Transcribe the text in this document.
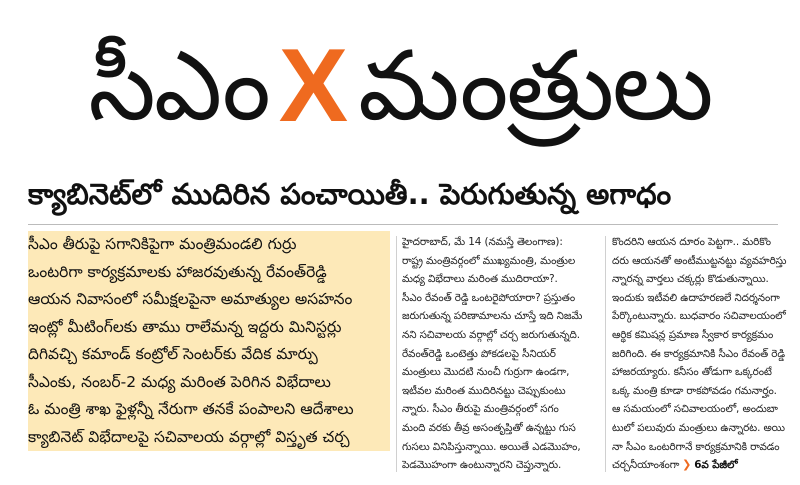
సీఎం X మంత్రులు
క్యాబినెట్‌లో ముదిరిన పంచాయితీ.. పెరుగుతున్న అగాధం
సీఎం తీరుపై సగానికిపైగా మంత్రిమండలి గుర్రు
ఒంటరిగా కార్యక్రమాలకు హాజరవుతున్న రేవంత్‌రెడ్డి
ఆయన నివాసంలో సమీక్షలపైనా అమాత్యుల అసహనం
ఇంట్లో మీటింగ్‌లకు తాము రాలేమన్న ఇద్దరు మినిస్టర్లు
దిగివచ్చి కమాండ్‌ కంట్రోల్‌ సెంటర్‌కు వేదిక మార్పు
సీఎంకు, నంబర్‌-2 మధ్య మరింత పెరిగిన విభేదాలు
ఓ మంత్రి శాఖ ఫైళ్లన్నీ నేరుగా తనకే పంపాలని ఆదేశాలు
క్యాబినెట్‌ విభేదాలపై సచివాలయ వర్గాల్లో విస్తృత చర్చ
హైదరాబాద్‌, మే 14 (నమస్తే తెలంగాణ):
రాష్ట్ర మంత్రివర్గంలో ముఖ్యమంత్రి, మంత్రుల
మధ్య విభేదాలు మరింత ముదిరాయా?.
సీఎం రేవంత్‌ రెడ్డి ఒంటరైపోయారా? ప్రస్తుతం
జరుగుతున్న పరిణామాలను చూస్తే ఇది నిజమే
నని సచివాలయ వర్గాల్లో చర్చ జరుగుతున్నది.
రేవంత్‌రెడ్డి ఒంటెత్తు పోకడలపై సీనియర్‌
మంత్రులు మొదటి నుంచీ గుర్రుగా ఉండగా,
ఇటీవల మరింత ముదిరినట్టు చెప్పుకుంటు
న్నారు. సీఎం తీరుపై మంత్రివర్గంలో సగం
మంది వరకు తీవ్ర అసంతృప్తితో ఉన్నట్టు గుస
గుసలు వినిపిస్తున్నాయి. అయితే ఎడమొహం,
పెడమొహంగా ఉంటున్నారని చెప్తున్నారు.
కొందరిని ఆయన దూరం పెట్టగా.. మరికొం
దరు ఆయనతో అంటీముట్టనట్టు వ్యవహరిస్తు
న్నారన్న వార్తలు చక్కర్లు కొడుతున్నాయి.
ఇందుకు ఇటీవలి ఉదాహరణలే నిదర్శనంగా
పేర్కొంటున్నారు. బుధవారం సచివాలయంలో
ఆర్థిక కమిషన్ల ప్రమాణ స్వీకార కార్యక్రమం
జరిగింది. ఈ కార్యక్రమానికి సీఎం రేవంత్‌ రెడ్డి
హాజరయ్యారు. కనీసం తోడుగా ఒక్కరంటే
ఒక్క మంత్రి కూడా రాకపోవడం గమనార్హం.
ఆ సమయంలో సచివాలయంలో, అందుబా
టులో పలువురు మంత్రులు ఉన్నారట. అయి
నా సీఎం ఒంటరిగానే కార్యక్రమానికి రావడం
చర్చనీయాంశంగా ❯ 6వ పేజీలో
